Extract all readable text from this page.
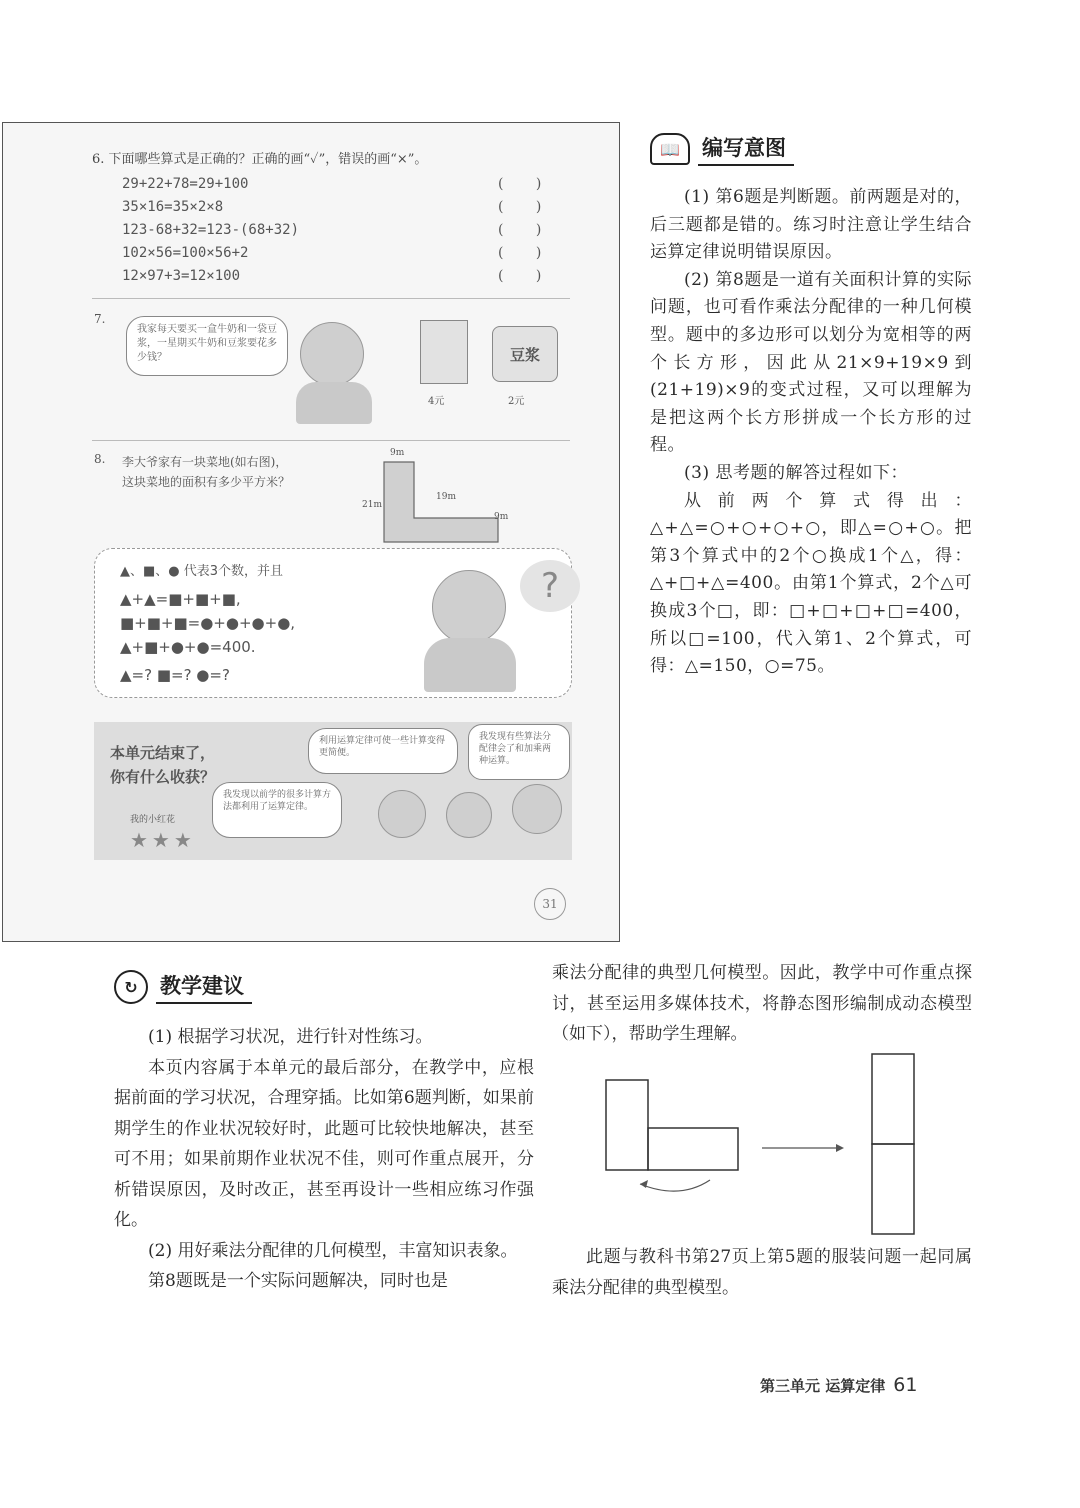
6. 下面哪些算式是正确的？正确的画“✓”，错误的画“×”。
29+22+78=29+100
35×16=35×2×8
123-68+32=123-(68+32)
102×56=100×56+2
12×97+3=12×100
( )
( )
( )
( )
( )
7.
我家每天要买一盒牛奶和一袋豆浆，一星期买牛奶和豆浆要花多少钱？
4元
豆浆
2元
8. 李大爷家有一块菜地(如右图)，这块菜地的面积有多少平方米？
9m
21m
19m
9m
▲、■、● 代表3个数，并且
▲+▲=■+■+■,
■+■+■=●+●+●+●,
▲+■+●+●=400.
▲=? ■=? ●=?
?
本单元结束了，
你有什么收获？
我的小红花
★★★
利用运算定律可使一些计算变得更简便。
我发现有些算法分配律会了和加乘两种运算。
我发现以前学的很多计算方法都利用了运算定律。
31
📖	编写意图

(1) 第6题是判断题。前两题是对的，后三题都是错的。练习时注意让学生结合运算定律说明错误原因。

(2) 第8题是一道有关面积计算的实际问题，也可看作乘法分配律的一种几何模型。题中的多边形可以划分为宽相等的两个长方形，因此从21×9+19×9到(21+19)×9的变式过程，又可以理解为是把这两个长方形拼成一个长方形的过程。

(3) 思考题的解答过程如下：

从前两个算式得出：△+△=○+○+○+○，即△=○+○。把第3个算式中的2个○换成1个△，得：△+□+△=400。由第1个算式，2个△可换成3个□，即：□+□+□+□=400，所以□=100，代入第1、2个算式，可得：△=150，○=75。

↻	教学建议

(1) 根据学习状况，进行针对性练习。

本页内容属于本单元的最后部分，在教学中，应根据前面的学习状况，合理穿插。比如第6题判断，如果前期学生的作业状况较好时，此题可比较快地解决，甚至可不用；如果前期作业状况不佳，则可作重点展开，分析错误原因，及时改正，甚至再设计一些相应练习作强化。

(2) 用好乘法分配律的几何模型，丰富知识表象。

第8题既是一个实际问题解决，同时也是

乘法分配律的典型几何模型。因此，教学中可作重点探讨，甚至运用多媒体技术，将静态图形编制成动态模型（如下），帮助学生理解。

此题与教科书第27页上第5题的服装问题一起同属乘法分配律的典型模型。

第三单元 运算定律 61
